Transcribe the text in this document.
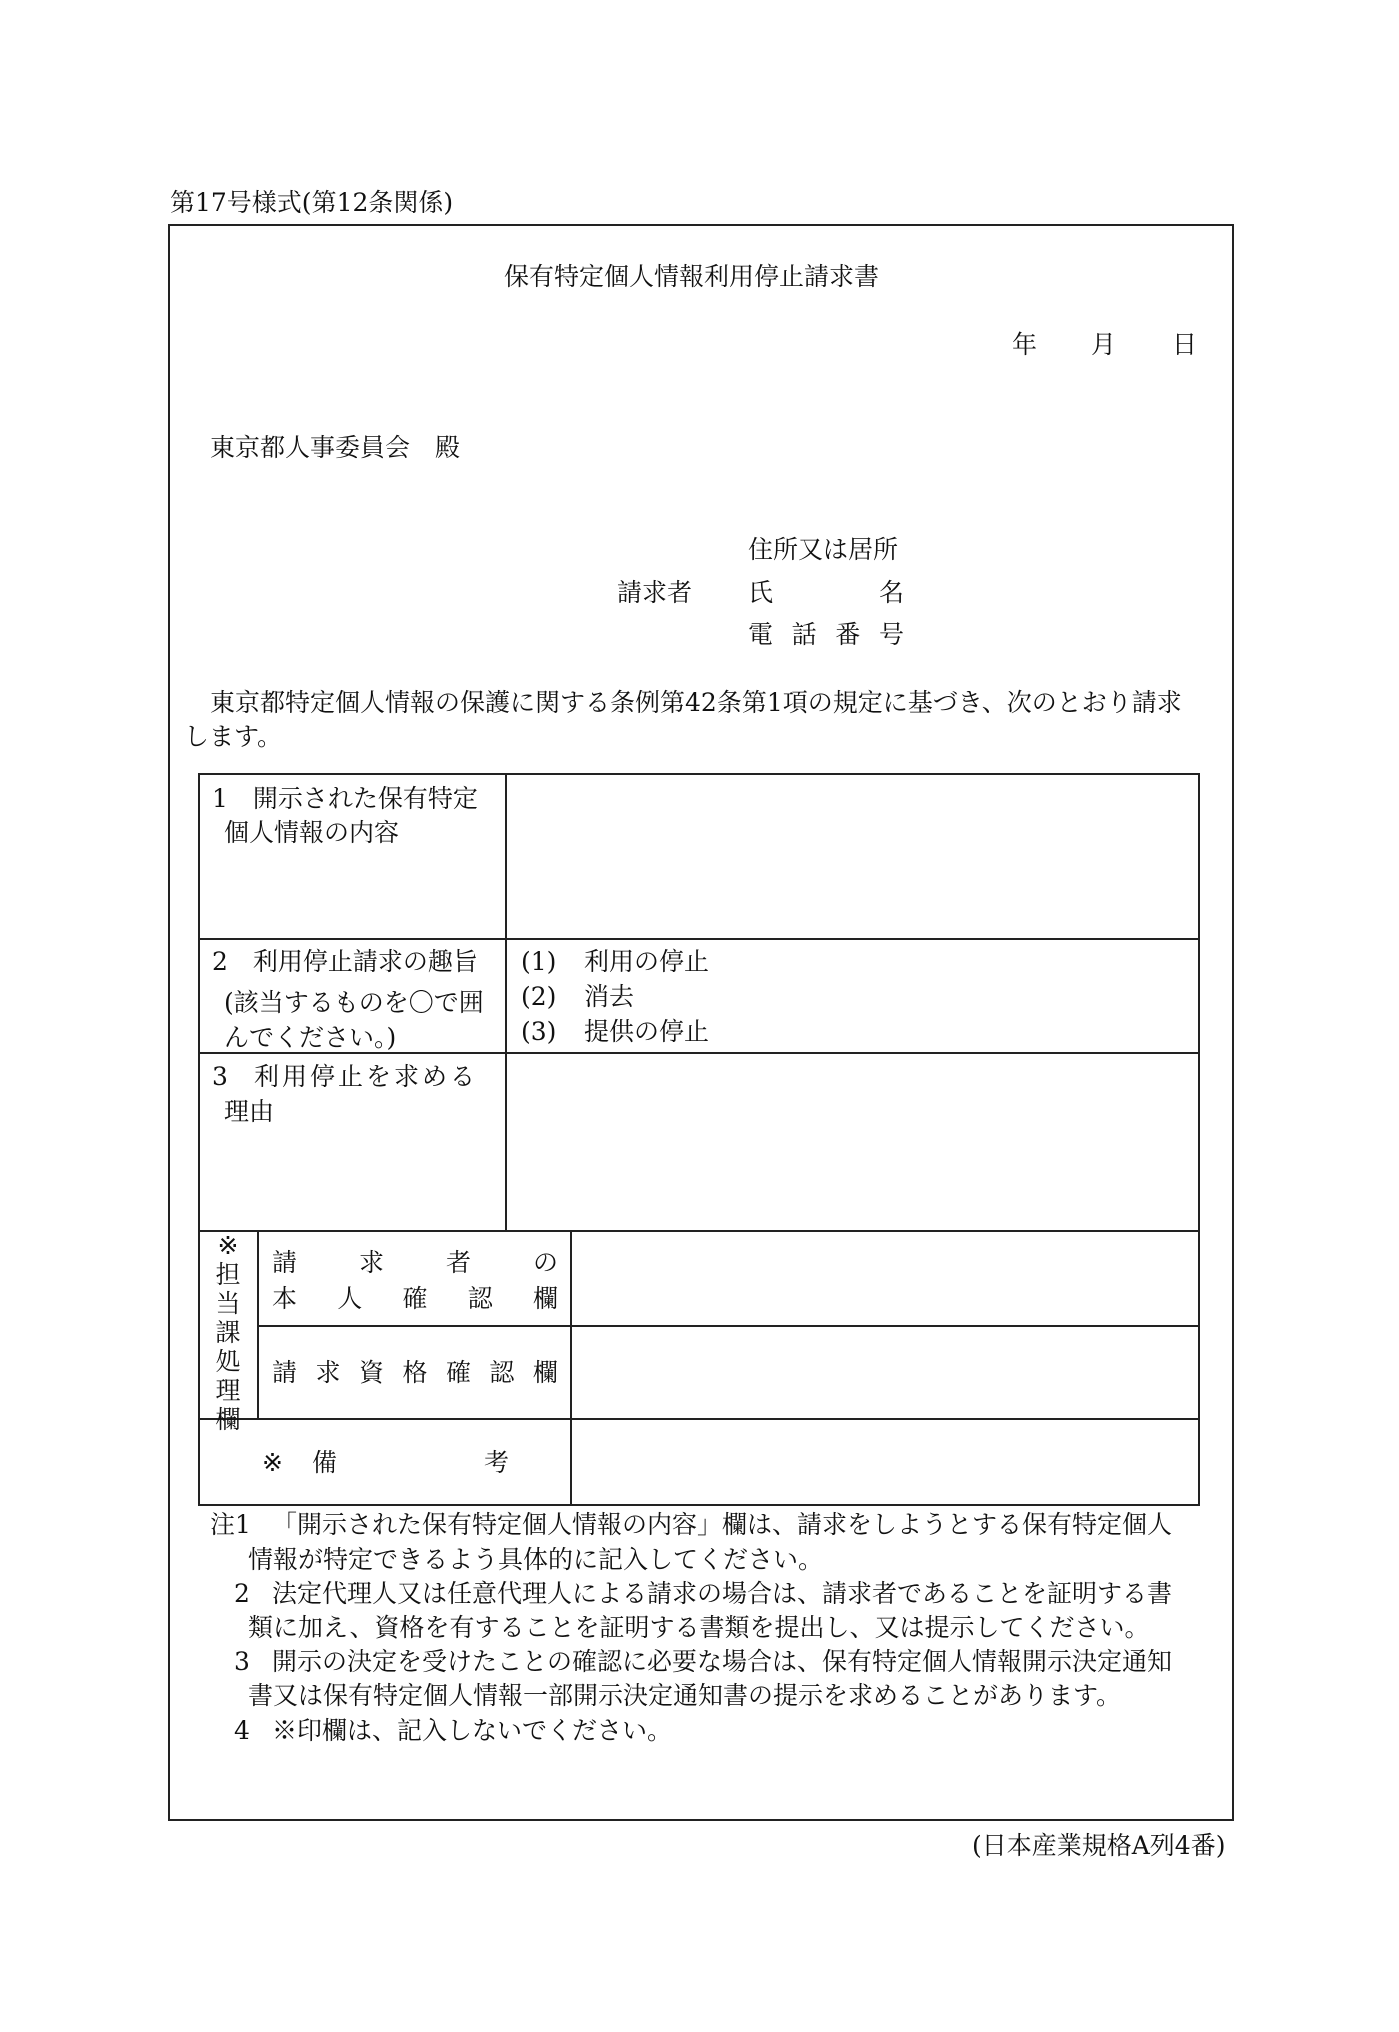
第17号様式(第12条関係)
保有特定個人情報利用停止請求書
年 月 日
東京都人事委員会　殿
住所又は居所
請求者 氏	名
電 話 番 号
東京都特定個人情報の保護に関する条例第42条第1項の規定に基づき、次のとおり請求
します。
1　開示された保有特定
個人情報の内容
2　利用停止請求の趣旨
(該当するものを〇で囲
んでください。)
(1) 利用の停止
(2) 消去
(3) 提供の停止
3 利用停止を求める
理由
※
担
当
課
処
理
欄
請 求 者 の
本 人 確 認 欄
請 求 資 格 確 認 欄
※ 備	考
注1 「開示された保有特定個人情報の内容」欄は、請求をしようとする保有特定個人
情報が特定できるよう具体的に記入してください。
2 法定代理人又は任意代理人による請求の場合は、請求者であることを証明する書
類に加え、資格を有することを証明する書類を提出し、又は提示してください。
3 開示の決定を受けたことの確認に必要な場合は、保有特定個人情報開示決定通知
書又は保有特定個人情報一部開示決定通知書の提示を求めることがあります。
4 ※印欄は、記入しないでください。
(日本産業規格A列4番)
